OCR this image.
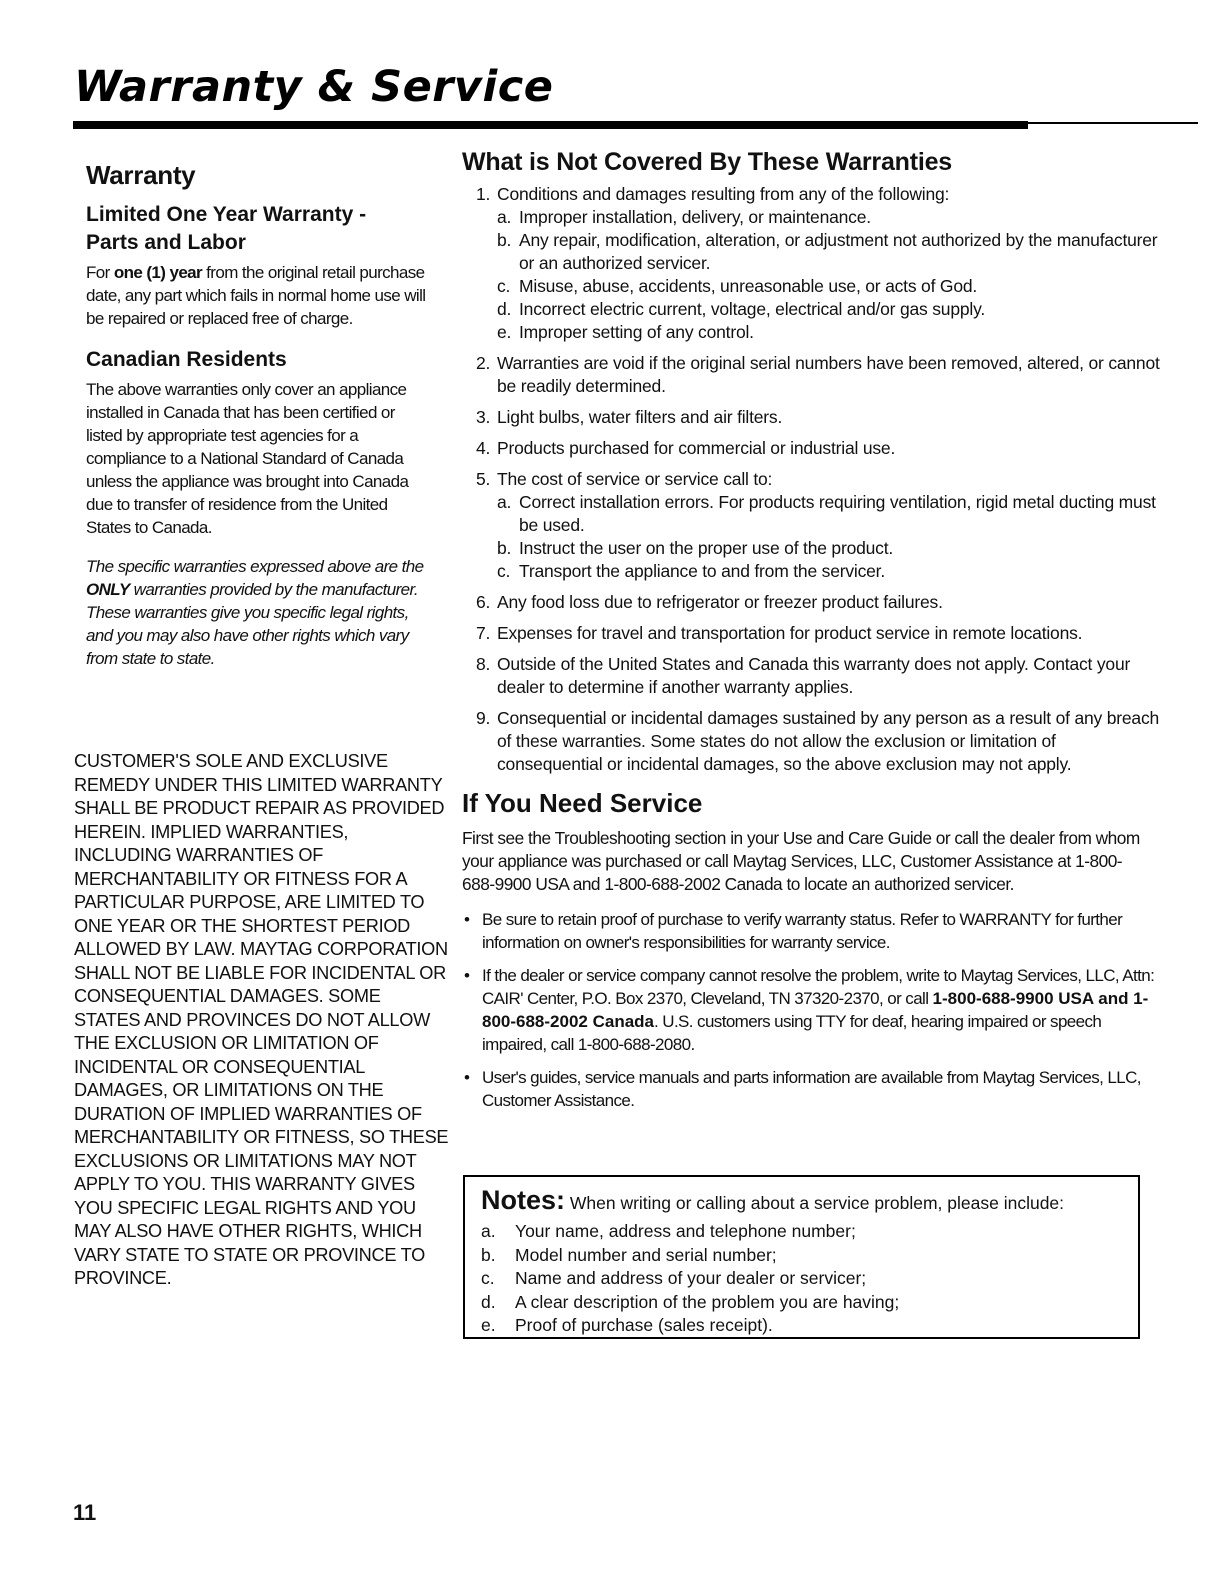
Warranty & Service
Warranty
Limited One Year Warranty - Parts and Labor

For one (1) year from the original retail purchase date, any part which fails in normal home use will be repaired or replaced free of charge.

Canadian Residents

The above warranties only cover an appliance installed in Canada that has been certified or listed by appropriate test agencies for a compliance to a National Standard of Canada unless the appliance was brought into Canada due to transfer of residence from the United States to Canada.

The specific warranties expressed above are the ONLY warranties provided by the manufacturer. These warranties give you specific legal rights, and you may also have other rights which vary from state to state.

CUSTOMER'S SOLE AND EXCLUSIVE REMEDY UNDER THIS LIMITED WARRANTY SHALL BE PRODUCT REPAIR AS PROVIDED HEREIN. IMPLIED WARRANTIES, INCLUDING WARRANTIES OF MERCHANTABILITY OR FITNESS FOR A PARTICULAR PURPOSE, ARE LIMITED TO ONE YEAR OR THE SHORTEST PERIOD ALLOWED BY LAW. MAYTAG CORPORATION SHALL NOT BE LIABLE FOR INCIDENTAL OR CONSEQUENTIAL DAMAGES. SOME STATES AND PROVINCES DO NOT ALLOW THE EXCLUSION OR LIMITATION OF INCIDENTAL OR CONSEQUENTIAL DAMAGES, OR LIMITATIONS ON THE DURATION OF IMPLIED WARRANTIES OF MERCHANTABILITY OR FITNESS, SO THESE EXCLUSIONS OR LIMITATIONS MAY NOT APPLY TO YOU. THIS WARRANTY GIVES YOU SPECIFIC LEGAL RIGHTS AND YOU MAY ALSO HAVE OTHER RIGHTS, WHICH VARY STATE TO STATE OR PROVINCE TO PROVINCE.

What is Not Covered By These Warranties
1. Conditions and damages resulting from any of the following:
a. Improper installation, delivery, or maintenance.
b. Any repair, modification, alteration, or adjustment not authorized by the manufacturer or an authorized servicer.
c. Misuse, abuse, accidents, unreasonable use, or acts of God.
d. Incorrect electric current, voltage, electrical and/or gas supply.
e. Improper setting of any control.
2. Warranties are void if the original serial numbers have been removed, altered, or cannot be readily determined.
3. Light bulbs, water filters and air filters.
4. Products purchased for commercial or industrial use.
5. The cost of service or service call to:
a. Correct installation errors. For products requiring ventilation, rigid metal ducting must be used.
b. Instruct the user on the proper use of the product.
c. Transport the appliance to and from the servicer.
6. Any food loss due to refrigerator or freezer product failures.
7. Expenses for travel and transportation for product service in remote locations.
8. Outside of the United States and Canada this warranty does not apply. Contact your dealer to determine if another warranty applies.
9. Consequential or incidental damages sustained by any person as a result of any breach of these warranties. Some states do not allow the exclusion or limitation of consequential or incidental damages, so the above exclusion may not apply.
If You Need Service

First see the Troubleshooting section in your Use and Care Guide or call the dealer from whom your appliance was purchased or call Maytag Services, LLC, Customer Assistance at 1-800-688-9900 USA and 1-800-688-2002 Canada to locate an authorized servicer.

• Be sure to retain proof of purchase to verify warranty status. Refer to WARRANTY for further information on owner's responsibilities for warranty service.
• If the dealer or service company cannot resolve the problem, write to Maytag Services, LLC, Attn: CAIR' Center, P.O. Box 2370, Cleveland, TN 37320-2370, or call 1-800-688-9900 USA and 1-800-688-2002 Canada. U.S. customers using TTY for deaf, hearing impaired or speech impaired, call 1-800-688-2080.
• User's guides, service manuals and parts information are available from Maytag Services, LLC, Customer Assistance.

Notes: When writing or calling about a service problem, please include:

a. Your name, address and telephone number;
b. Model number and serial number;
c. Name and address of your dealer or servicer;
d. A clear description of the problem you are having;
e. Proof of purchase (sales receipt).
11
